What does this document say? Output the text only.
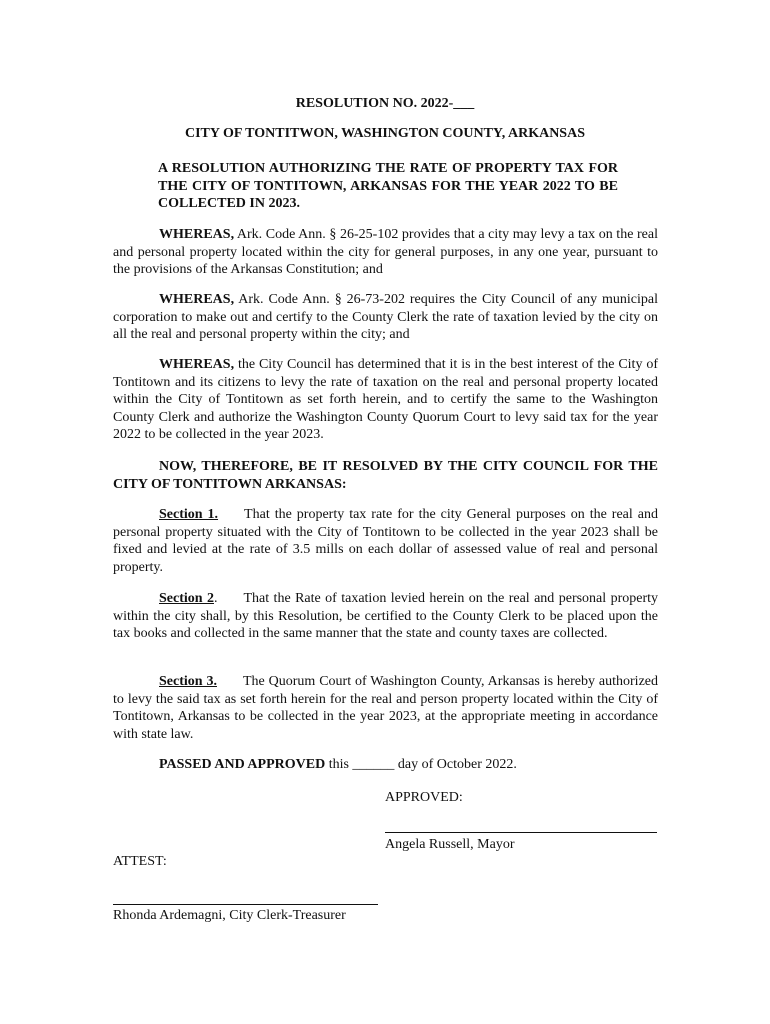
RESOLUTION NO. 2022-___

CITY OF TONTITWON, WASHINGTON COUNTY, ARKANSAS

A RESOLUTION AUTHORIZING THE RATE OF PROPERTY TAX FOR THE CITY OF TONTITOWN, ARKANSAS FOR THE YEAR 2022 TO BE COLLECTED IN 2023.

WHEREAS, Ark. Code Ann. § 26-25-102 provides that a city may levy a tax on the real and personal property located within the city for general purposes, in any one year, pursuant to the provisions of the Arkansas Constitution; and

WHEREAS, Ark. Code Ann. § 26-73-202 requires the City Council of any municipal corporation to make out and certify to the County Clerk the rate of taxation levied by the city on all the real and personal property within the city; and

WHEREAS, the City Council has determined that it is in the best interest of the City of Tontitown and its citizens to levy the rate of taxation on the real and personal property located within the City of Tontitown as set forth herein, and to certify the same to the Washington County Clerk and authorize the Washington County Quorum Court to levy said tax for the year 2022 to be collected in the year 2023.

NOW, THEREFORE, BE IT RESOLVED BY THE CITY COUNCIL FOR THE CITY OF TONTITOWN ARKANSAS:

Section 1. That the property tax rate for the city General purposes on the real and personal property situated with the City of Tontitown to be collected in the year 2023 shall be fixed and levied at the rate of 3.5 mills on each dollar of assessed value of real and personal property.

Section 2. That the Rate of taxation levied herein on the real and personal property within the city shall, by this Resolution, be certified to the County Clerk to be placed upon the tax books and collected in the same manner that the state and county taxes are collected.

Section 3. The Quorum Court of Washington County, Arkansas is hereby authorized to levy the said tax as set forth herein for the real and person property located within the City of Tontitown, Arkansas to be collected in the year 2023, at the appropriate meeting in accordance with state law.

PASSED AND APPROVED this ______ day of October 2022.

APPROVED:

Angela Russell, Mayor

ATTEST:

Rhonda Ardemagni, City Clerk-Treasurer
